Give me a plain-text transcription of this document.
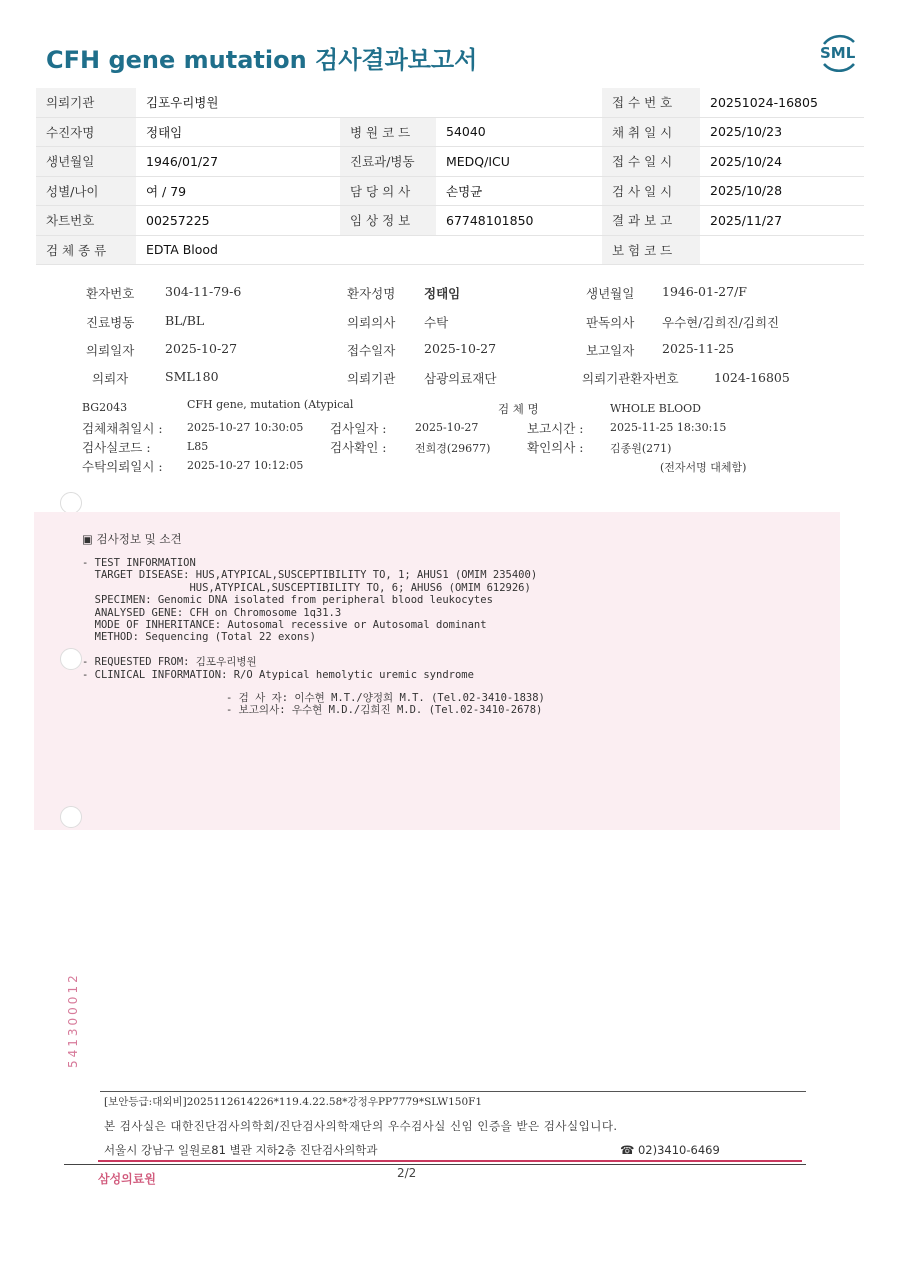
CFH gene mutation 검사결과보고서	SML
의뢰기관	김포우리병원			접 수 번 호	20251024-16805
수진자명	정태임	병 원 코 드	54040	채 취 일 시	2025/10/23
생년월일	1946/01/27	진료과/병동	MEDQ/ICU	접 수 일 시	2025/10/24
성별/나이	여 / 79	담 당 의 사	손명균	검 사 일 시	2025/10/28
차트번호	00257225	임 상 정 보	67748101850	결 과 보 고	2025/11/27
검 체 종 류	EDTA Blood			보 험 코 드	
환자번호 304-11-79-6	환자성명 정태임	생년월일 1946-01-27/F
진료병동 BL/BL	의뢰의사 수탁	판독의사 우수현/김희진/김희진
의뢰일자 2025-10-27	접수일자 2025-10-27	보고일자 2025-11-25
의뢰자	SML180	의뢰기관 삼광의료재단	의뢰기관환자번호	1024-16805
BG2043	CFH gene, mutation (Atypical	검 체 명	WHOLE BLOOD
검체채취일시 : 2025-10-27 10:30:05 검사일자 :	2025-10-27	보고시간 : 2025-11-25 18:30:15
검사실코드 :	L85	검사확인 :	전희경(29677)	확인의사 : 김종원(271)
수탁의뢰일시 : 2025-10-27 10:12:05	(전자서명 대체함)
▣ 검사정보 및 소견
- TEST INFORMATION
TARGET DISEASE: HUS,ATYPICAL,SUSCEPTIBILITY TO, 1; AHUS1 (OMIM 235400)
HUS,ATYPICAL,SUSCEPTIBILITY TO, 6; AHUS6 (OMIM 612926)
SPECIMEN: Genomic DNA isolated from peripheral blood leukocytes
ANALYSED GENE: CFH on Chromosome 1q31.3
MODE OF INHERITANCE: Autosomal recessive or Autosomal dominant
METHOD: Sequencing (Total 22 exons)

- REQUESTED FROM: 김포우리병원
- CLINICAL INFORMATION: R/O Atypical hemolytic uremic syndrome
- 검 사 자: 이수현 M.T./양정희 M.T. (Tel.02-3410-1838)
- 보고의사: 우수현 M.D./김희진 M.D. (Tel.02-3410-2678)
541300012
[보안등급:대외비]2025112614226*119.4.22.58*강정우PP7779*SLW150F1
본 검사실은 대한진단검사의학회/진단검사의학재단의 우수검사실 신임 인증을 받은 검사실입니다.
서울시 강남구 일원로81 별관 지하2층 진단검사의학과	☎ 02)3410-6469
삼성의료원	2/2
